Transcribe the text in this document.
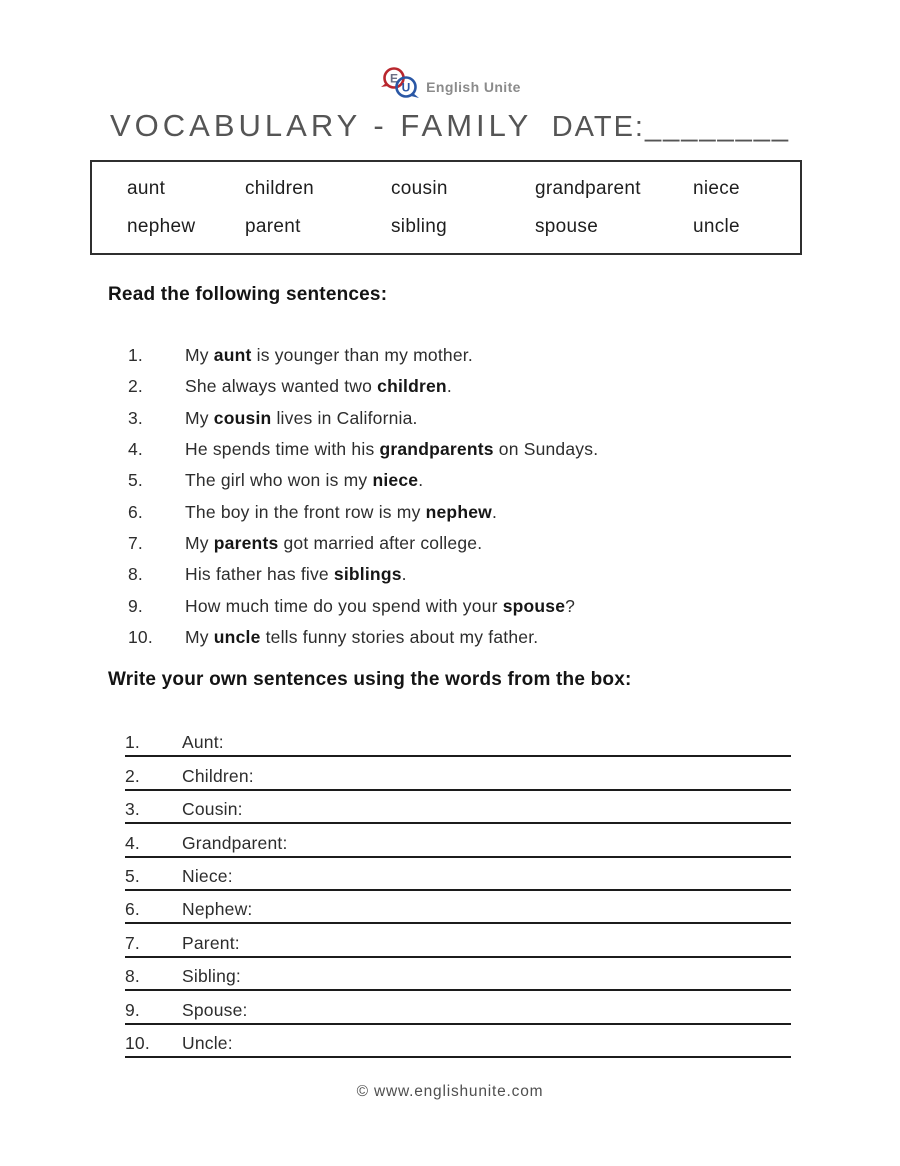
E
U English Unite
VOCABULARY - FAMILY DATE:________
aunt	children	cousin	grandparent	niece
nephew	parent	sibling	spouse	uncle
Read the following sentences:
1.	My aunt is younger than my mother.
2.	She always wanted two children.
3.	My cousin lives in California.
4.	He spends time with his grandparents on Sundays.
5.	The girl who won is my niece.
6.	The boy in the front row is my nephew.
7.	My parents got married after college.
8.	His father has five siblings.
9.	How much time do you spend with your spouse?
10.	My uncle tells funny stories about my father.
Write your own sentences using the words from the box:
1.	Aunt:
2.	Children:
3.	Cousin:
4.	Grandparent:
5.	Niece:
6.	Nephew:
7.	Parent:
8.	Sibling:
9.	Spouse:
10.	Uncle:
© www.englishunite.com
